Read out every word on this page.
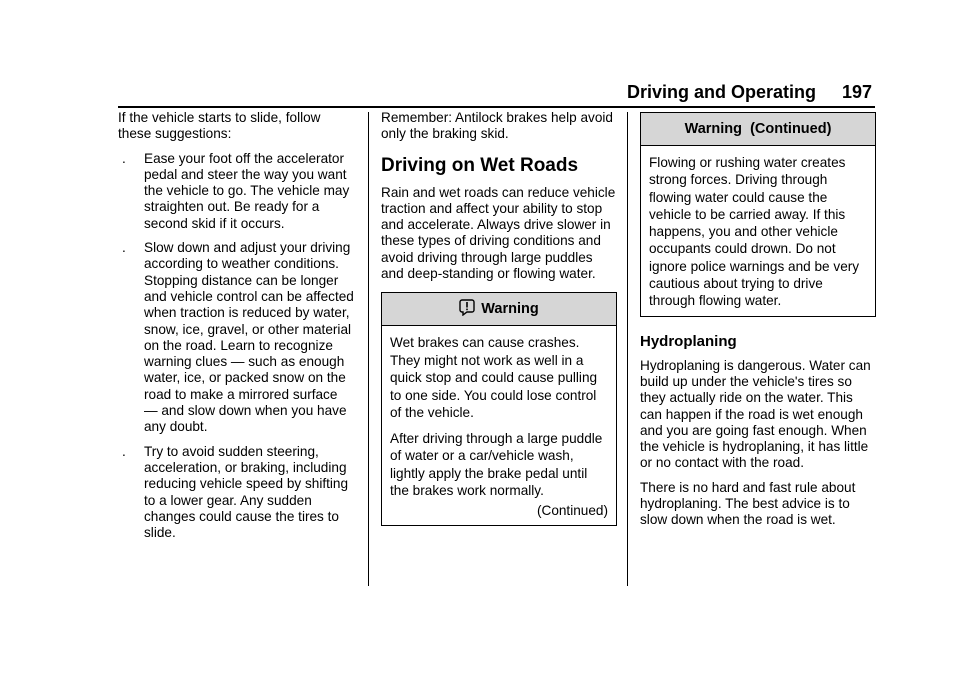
Driving and Operating 197

If the vehicle starts to slide, follow these suggestions:

. Ease your foot off the accelerator pedal and steer the way you want the vehicle to go. The vehicle may straighten out. Be ready for a second skid if it occurs.
. Slow down and adjust your driving according to weather conditions. Stopping distance can be longer and vehicle control can be affected when traction is reduced by water, snow, ice, gravel, or other material on the road. Learn to recognize warning clues — such as enough water, ice, or packed snow on the road to make a mirrored surface — and slow down when you have any doubt.
. Try to avoid sudden steering, acceleration, or braking, including reducing vehicle speed by shifting to a lower gear. Any sudden changes could cause the tires to slide.

Remember: Antilock brakes help avoid only the braking skid.

Driving on Wet Roads

Rain and wet roads can reduce vehicle traction and affect your ability to stop and accelerate. Always drive slower in these types of driving conditions and avoid driving through large puddles and deep-standing or flowing water.

Warning

Wet brakes can cause crashes. They might not work as well in a quick stop and could cause pulling to one side. You could lose control of the vehicle.

After driving through a large puddle of water or a car/vehicle wash, lightly apply the brake pedal until the brakes work normally.

(Continued)
Warning  (Continued)

Flowing or rushing water creates strong forces. Driving through flowing water could cause the vehicle to be carried away. If this happens, you and other vehicle occupants could drown. Do not ignore police warnings and be very cautious about trying to drive through flowing water.

Hydroplaning

Hydroplaning is dangerous. Water can build up under the vehicle's tires so they actually ride on the water. This can happen if the road is wet enough and you are going fast enough. When the vehicle is hydroplaning, it has little or no contact with the road.

There is no hard and fast rule about hydroplaning. The best advice is to slow down when the road is wet.
